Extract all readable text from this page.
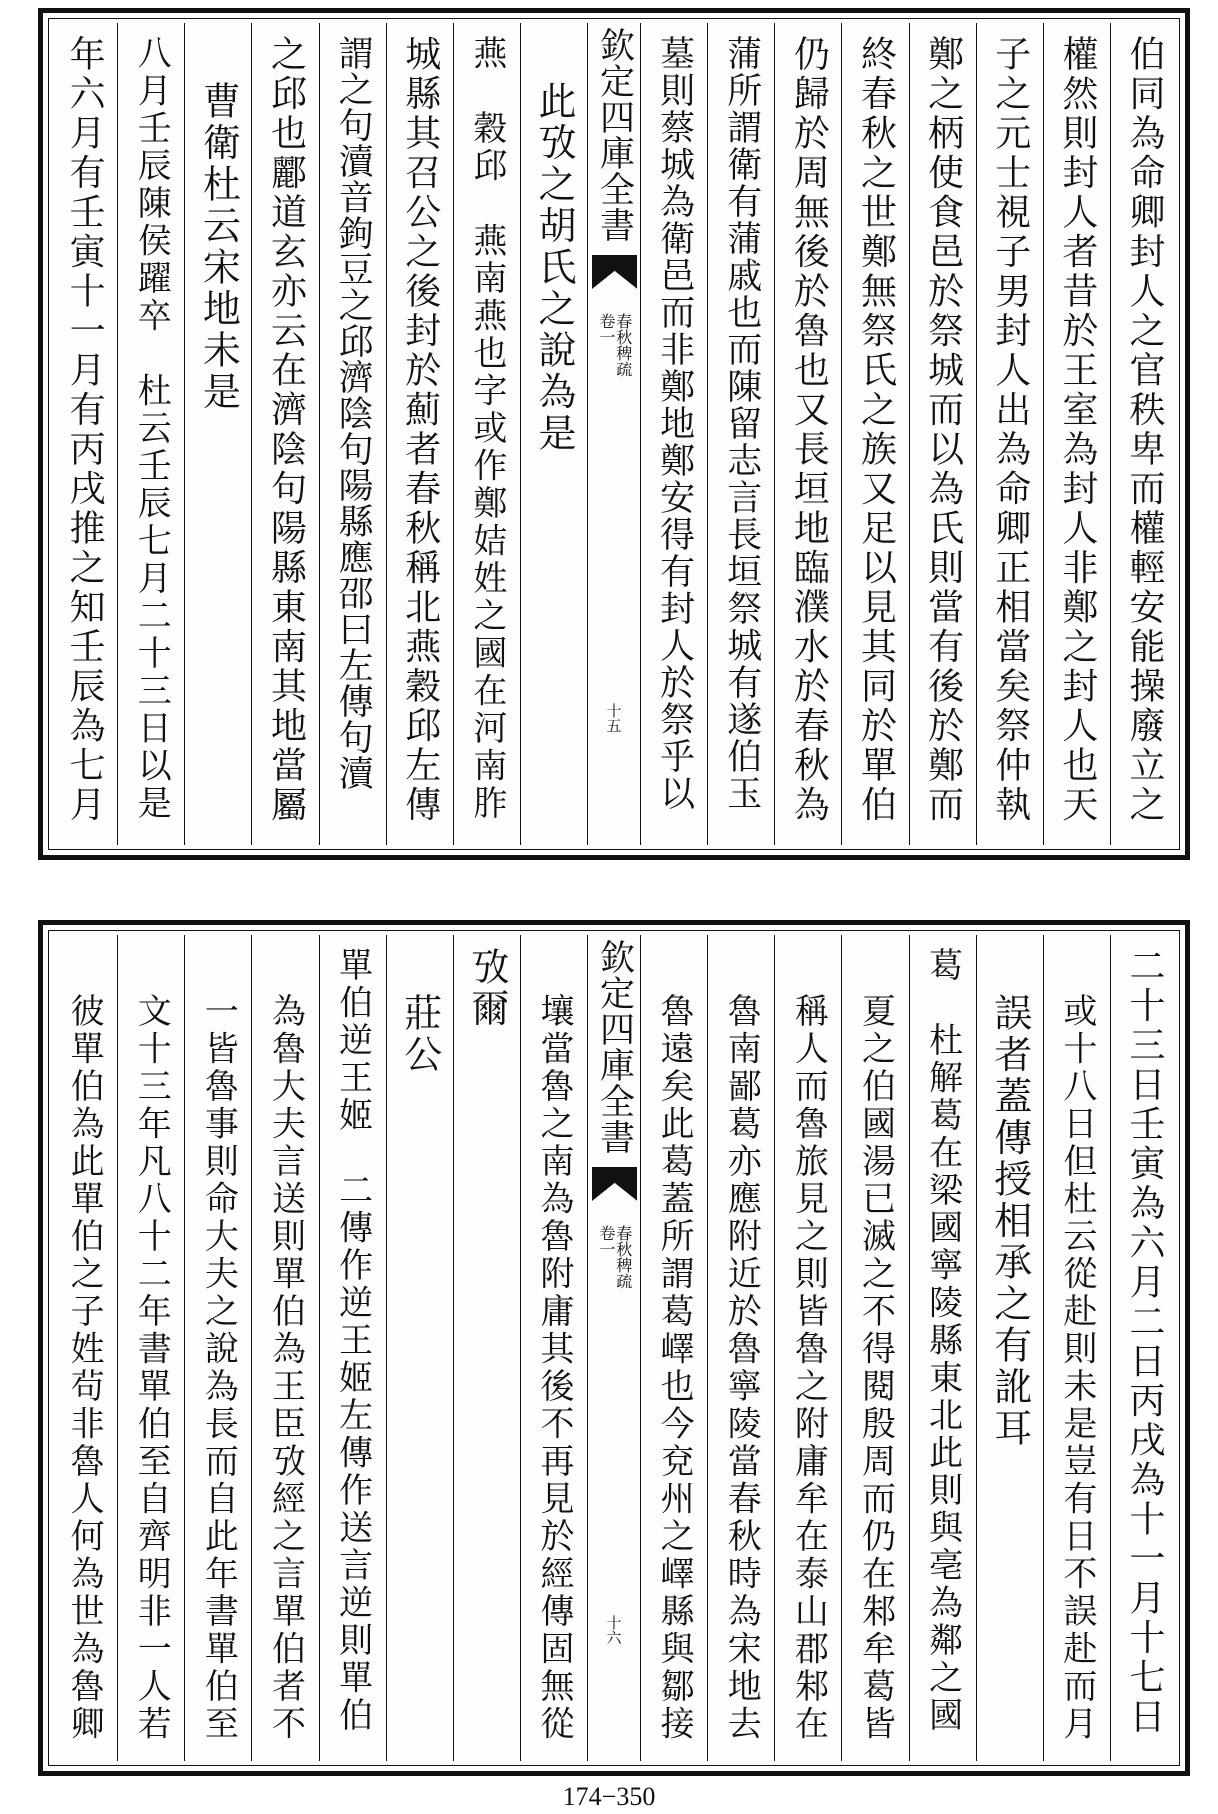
伯同為命卿封人之官秩卑而權輕安能操廢立之
權然則封人者昔於王室為封人非鄭之封人也天
子之元士視子男封人出為命卿正相當矣祭仲執
鄭之柄使食邑於祭城而以為氏則當有後於鄭而
終春秋之世鄭無祭氏之族又足以見其同於單伯
仍歸於周無後於魯也又長垣地臨濮水於春秋為
蒲所謂衛有蒲戚也而陳留志言長垣祭城有遂伯玉
墓則蔡城為衛邑而非鄭地鄭安得有封人於祭乎以
欽定四庫全書
春秋稗疏
卷一
十五
此攷之胡氏之說為是
燕　穀邱　燕南燕也字或作鄭姞姓之國在河南胙
城縣其召公之後封於薊者春秋稱北燕穀邱左傳
謂之句瀆音鉤豆之邱濟陰句陽縣應邵曰左傳句瀆
之邱也酈道玄亦云在濟陰句陽縣東南其地當屬
曹衛杜云宋地未是
八月壬辰陳侯躍卒　杜云壬辰七月二十三日以是
年六月有壬寅十一月有丙戌推之知壬辰為七月
二十三日壬寅為六月二日丙戌為十一月十七日
或十八日但杜云從赴則未是豈有日不誤赴而月
誤者蓋傳授相承之有訛耳
葛　杜解葛在梁國寧陵縣東北此則與亳為鄰之國
夏之伯國湯已滅之不得閱殷周而仍在邾牟葛皆
稱人而魯旅見之則皆魯之附庸牟在泰山郡邾在
魯南鄙葛亦應附近於魯寧陵當春秋時為宋地去
魯遠矣此葛蓋所謂葛嶧也今兗州之嶧縣與鄒接
欽定四庫全書
春秋稗疏
卷一
十六
壤當魯之南為魯附庸其後不再見於經傳固無從
攷爾
莊公
單伯逆王姬　二傳作逆王姬左傳作送言逆則單伯
為魯大夫言送則單伯為王臣攷經之言單伯者不
一皆魯事則命大夫之說為長而自此年書單伯至
文十三年凡八十二年書單伯至自齊明非一人若
彼單伯為此單伯之子姓茍非魯人何為世為魯卿
174−350
